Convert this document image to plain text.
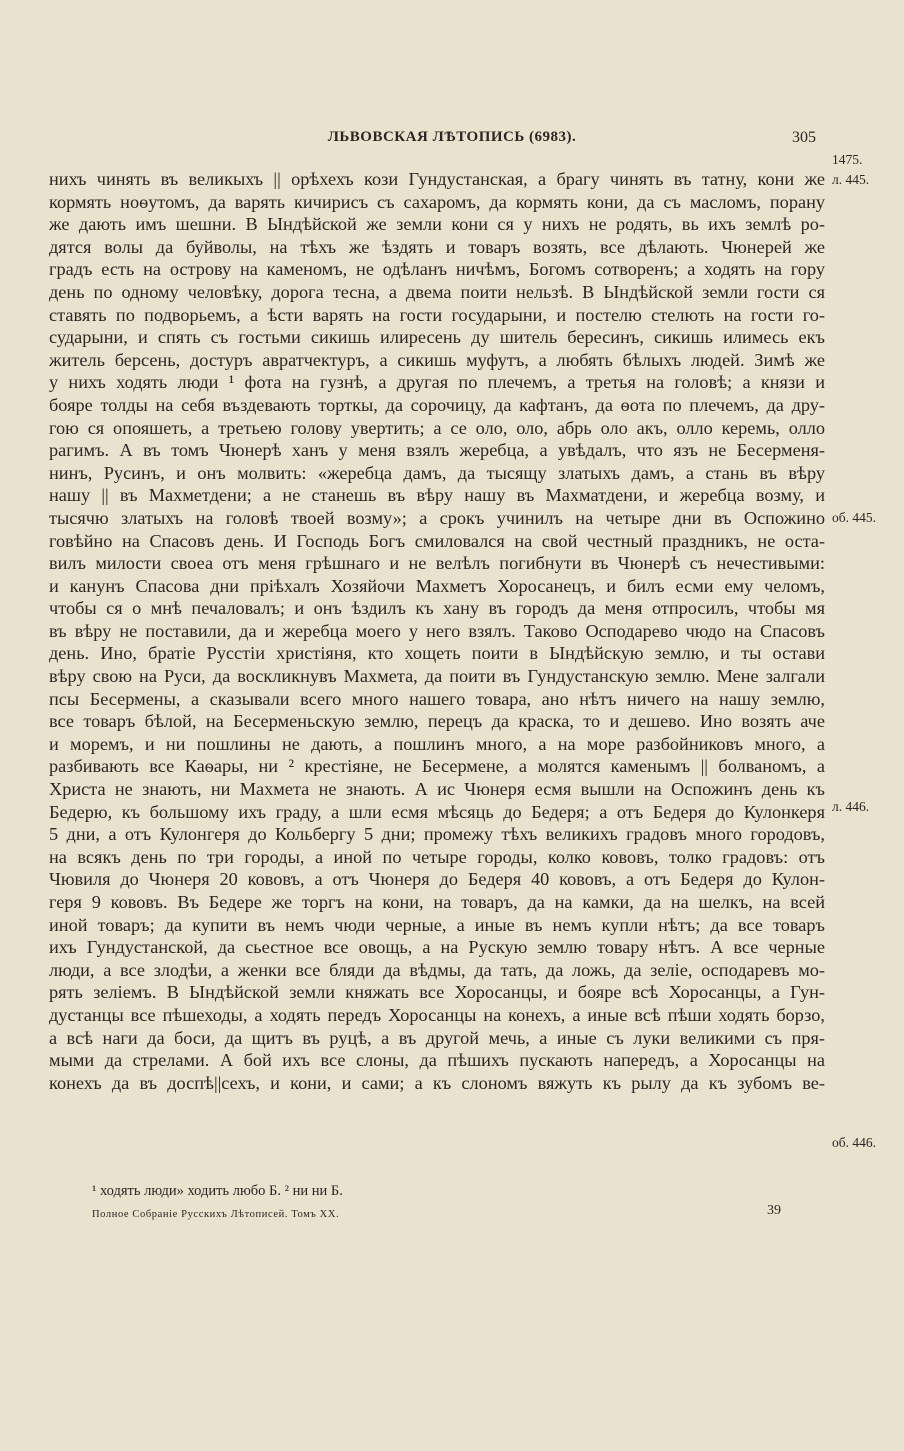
ЛЬВОВСКАЯ ЛѢТОПИСЬ (6983).	305
1475.
л. 445.
об. 445.
л. 446.
об. 446.
нихъ чинять въ великыхъ || орѣхехъ кози Гундустанская, а брагу чинять въ татну, кони же
кормять ноѳутомъ, да варять кичирисъ съ сахаромъ, да кормять кони, да съ масломъ, порану
же дають имъ шешни. В Ындѣйской же земли кони ся у нихъ не родять, вь ихъ землѣ ро-
дятся волы да буйволы, на тѣхъ же ѣздять и товаръ возять, все дѣлають. Чюнерей же
градъ есть на острову на каменомъ, не одѣланъ ничѣмъ, Богомъ сотворенъ; а ходять на гору
день по одному человѣку, дорога тесна, а двема поити нельзѣ. В Ындѣйской земли гости ся
ставять по подворьемъ, а ѣсти варять на гости государыни, и постелю стелють на гости го-
сударыни, и спять съ гостьми сикишь илиресень ду шитель бересинъ, сикишь илимесь екъ
житель берсень, достуръ авратчектуръ, а сикишь муфутъ, а любять бѣлыхъ людей. Зимѣ же
у нихъ ходять люди ¹ фота на гузнѣ, а другая по плечемъ, а третья на головѣ; а князи и
бояре толды на себя въздевають торткы, да сорочицу, да кафтанъ, да ѳота по плечемъ, да дру-
гою ся опояшеть, а третьею голову увертить; а се оло, оло, абрь оло акъ, олло керемь, олло
рагимъ. А въ томъ Чюнерѣ ханъ у меня взялъ жеребца, а увѣдалъ, что язъ не Бесерменя-
нинъ, Русинъ, и онъ молвить: «жеребца дамъ, да тысящу златыхъ дамъ, а стань въ вѣру
нашу || въ Махметдени; а не станешь въ вѣру нашу въ Махматдени, и жеребца возму, и
тысячю златыхъ на головѣ твоей возму»; а срокъ учинилъ на четыре дни въ Оспожино
говѣйно на Спасовъ день. И Господь Богъ смиловался на свой честный праздникъ, не оста-
вилъ милости своеа отъ меня грѣшнаго и не велѣлъ погибнути въ Чюнерѣ съ нечестивыми:
и канунъ Спасова дни прiѣхалъ Хозяйочи Махметъ Хоросанецъ, и билъ есми ему челомъ,
чтобы ся о мнѣ печаловалъ; и онъ ѣздилъ къ хану въ городъ да меня отпросилъ, чтобы мя
въ вѣру не поставили, да и жеребца моего у него взялъ. Таково Осподарево чюдо на Спасовъ
день. Ино, братiе Русстiи христiяня, кто хощеть поити в Ындѣйскую землю, и ты остави
вѣру свою на Руси, да воскликнувъ Махмета, да поити въ Гундустанскую землю. Мене залгали
псы Бесермены, а сказывали всего много нашего товара, ано нѣтъ ничего на нашу землю,
все товаръ бѣлой, на Бесерменьскую землю, перецъ да краска, то и дешево. Ино возять аче
и моремъ, и ни пошлины не дають, а пошлинъ много, а на море разбойниковъ много, а
разбивають все Каѳары, ни ² крестiяне, не Бесермене, а молятся каменымъ || болваномъ, а
Христа не знають, ни Махмета не знають. А ис Чюнеря есмя вышли на Оспожинъ день къ
Бедерю, къ большому ихъ граду, а шли есмя мѣсяць до Бедеря; а отъ Бедеря до Кулонкеря
5 дни, а отъ Кулонгеря до Кольбергу 5 дни; промежу тѣхъ великихъ градовъ много городовъ,
на всякъ день по три городы, а иной по четыре городы, колко кововъ, толко градовъ: отъ
Чювиля до Чюнеря 20 кововъ, а отъ Чюнеря до Бедеря 40 кововъ, а отъ Бедеря до Кулон-
геря 9 кововъ. Въ Бедере же торгъ на кони, на товаръ, да на камки, да на шелкъ, на всей
иной товаръ; да купити въ немъ чюди черные, а иные въ немъ купли нѣтъ; да все товаръ
ихъ Гундустанской, да сьестное все овощь, а на Рускую землю товару нѣтъ. А все черные
люди, а все злодѣи, а женки все бляди да вѣдмы, да тать, да ложь, да зелiе, осподаревъ мо-
рять зелiемъ. В Ындѣйской земли княжать все Хоросанцы, и бояре всѣ Хоросанцы, а Гун-
дустанцы все пѣшеходы, а ходять передъ Хоросанцы на конехъ, а иные всѣ пѣши ходять борзо,
а всѣ наги да боси, да щитъ въ руцѣ, а въ другой мечь, а иные съ луки великими съ пря-
мыми да стрелами. А бой ихъ все слоны, да пѣшихъ пускають напередъ, а Хоросанцы на
конехъ да въ доспѣ||сехъ, и кони, и сами; а къ слономъ вяжуть къ рылу да къ зубомъ ве-
¹ ходять люди» ходить любо Б. ² ни ни Б.
Полное Собранiе Русскихъ Лѣтописей. Томъ XX.	39
